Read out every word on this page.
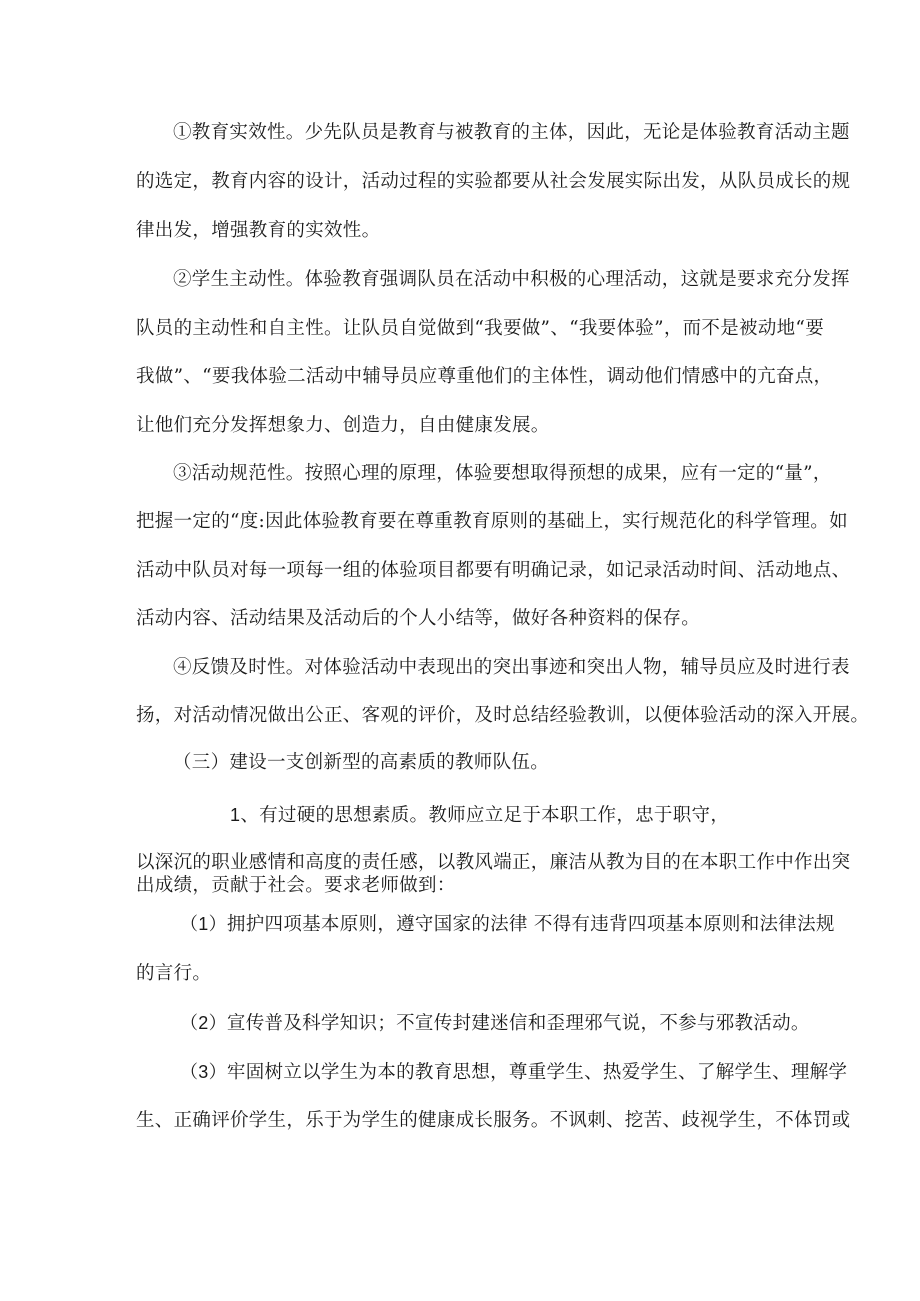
①教育实效性。少先队员是教育与被教育的主体，因此，无论是体验教育活动主题
的选定，教育内容的设计，活动过程的实验都要从社会发展实际出发，从队员成长的规
律出发，增强教育的实效性。
②学生主动性。体验教育强调队员在活动中积极的心理活动，这就是要求充分发挥
队员的主动性和自主性。让队员自觉做到“我要做”、“我要体验”，而不是被动地“要
我做”、“要我体验二活动中辅导员应尊重他们的主体性，调动他们情感中的亢奋点，
让他们充分发挥想象力、创造力，自由健康发展。
③活动规范性。按照心理的原理，体验要想取得预想的成果，应有一定的“量”，
把握一定的“度:因此体验教育要在尊重教育原则的基础上，实行规范化的科学管理。如
活动中队员对每一项每一组的体验项目都要有明确记录，如记录活动时间、活动地点、
活动内容、活动结果及活动后的个人小结等，做好各种资料的保存。
④反馈及时性。对体验活动中表现出的突出事迹和突出人物，辅导员应及时进行表
扬，对活动情况做出公正、客观的评价，及时总结经验教训，以便体验活动的深入开展。
（三）建设一支创新型的高素质的教师队伍。
1、有过硬的思想素质。教师应立足于本职工作，忠于职守，
以深沉的职业感情和高度的责任感，以教风端正，廉洁从教为目的在本职工作中作出突
出成绩，贡献于社会。要求老师做到：
（1）拥护四项基本原则，遵守国家的法律 不得有违背四项基本原则和法律法规
的言行。
（2）宣传普及科学知识；不宣传封建迷信和歪理邪气说，不参与邪教活动。
（3）牢固树立以学生为本的教育思想，尊重学生、热爱学生、了解学生、理解学
生、正确评价学生，乐于为学生的健康成长服务。不讽刺、挖苦、歧视学生，不体罚或
